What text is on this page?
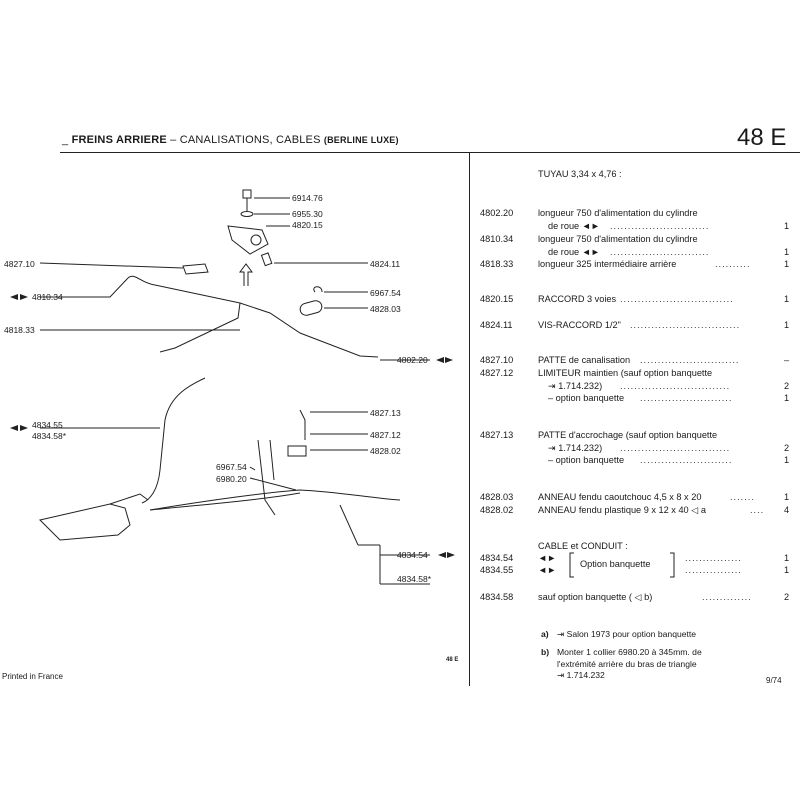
_ FREINS ARRIERE – CANALISATIONS, CABLES (BERLINE LUXE)	48 E
6914.76
6955.30
4820.15
4827.10	4824.11
4810.34	6967.54
4828.03
4818.33
4802.20
4834.55
4834.58*
4827.13
4827.12
4828.02
6967.54
6980.20
4834.54
4834.58*
48 E
TUYAU 3,34 x 4,76 :
4802.20	longueur 750 d'alimentation du cylindre
de roue ◄► ............................	1
4810.34	longueur 750 d'alimentation du cylindre
de roue ◄► ............................	1
4818.33	longueur 325 intermédiaire arrière	..........	1
4820.15	RACCORD 3 voies ................................	1
4824.11	VIS-RACCORD 1/2" ...............................	1
4827.10	PATTE de canalisation ............................	–
4827.12	LIMITEUR maintien (sauf option banquette
⇥ 1.714.232) ...............................	2
– option banquette ..........................	1
4827.13	PATTE d'accrochage (sauf option banquette
⇥ 1.714.232) ...............................	2
– option banquette ..........................	1
4828.03	ANNEAU fendu caoutchouc 4,5 x 8 x 20	.......	1
4828.02	ANNEAU fendu plastique 9 x 12 x 40 ◁ a	....	4
CABLE et CONDUIT :
4834.54	◄►	................	1
4834.55	◄►	................	1
Option banquette
4834.58	sauf option banquette ( ◁ b)	..............	2
a) ⇥ Salon 1973 pour option banquette
b) Monter 1 collier 6980.20 à 345mm. de
l'extrémité arrière du bras de triangle
⇥ 1.714.232
Printed in France	9/74
